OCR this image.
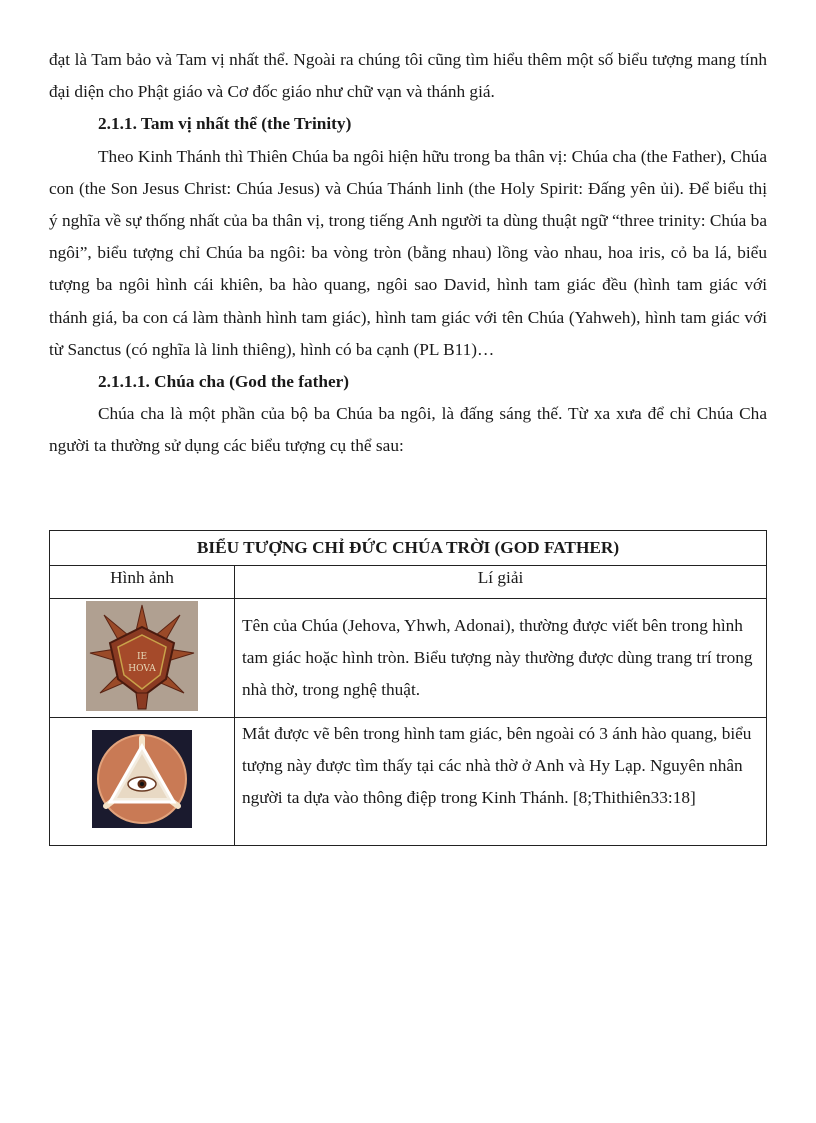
đạt là Tam bảo và Tam vị nhất thể. Ngoài ra chúng tôi cũng tìm hiểu thêm một số biểu tượng mang tính đại diện cho Phật giáo và Cơ đốc giáo như chữ vạn và thánh giá.

2.1.1. Tam vị nhất thể (the Trinity)

Theo Kinh Thánh thì Thiên Chúa ba ngôi hiện hữu trong ba thân vị: Chúa cha (the Father), Chúa con (the Son Jesus Christ: Chúa Jesus) và Chúa Thánh linh (the Holy Spirit: Đấng yên ủi). Để biểu thị ý nghĩa về sự thống nhất của ba thân vị, trong tiếng Anh người ta dùng thuật ngữ “three trinity: Chúa ba ngôi”, biểu tượng chỉ Chúa ba ngôi: ba vòng tròn (bằng nhau) lồng vào nhau, hoa iris, cỏ ba lá, biểu tượng ba ngôi hình cái khiên, ba hào quang, ngôi sao David, hình tam giác đều (hình tam giác với thánh giá, ba con cá làm thành hình tam giác), hình tam giác với tên Chúa (Yahweh), hình tam giác với từ Sanctus (có nghĩa là linh thiêng), hình có ba cạnh (PL B11)…

2.1.1.1. Chúa cha (God the father)

Chúa cha là một phần của bộ ba Chúa ba ngôi, là đấng sáng thế. Từ xa xưa để chỉ Chúa Cha người ta thường sử dụng các biểu tượng cụ thể sau:

BIỂU TƯỢNG CHỈ ĐỨC CHÚA TRỜI (GOD FATHER)	
Hình ảnh	Lí giải

IE
HOVA	Tên của Chúa (Jehova, Yhwh, Adonai), thường được viết bên trong hình tam giác hoặc hình tròn. Biểu tượng này thường được dùng trang trí trong nhà thờ, trong nghệ thuật.
	Mắt được vẽ bên trong hình tam giác, bên ngoài có 3 ánh hào quang, biểu tượng này được tìm thấy tại các nhà thờ ở Anh và Hy Lạp. Nguyên nhân người ta dựa vào thông điệp trong Kinh Thánh. [8;Thithiên33:18]
